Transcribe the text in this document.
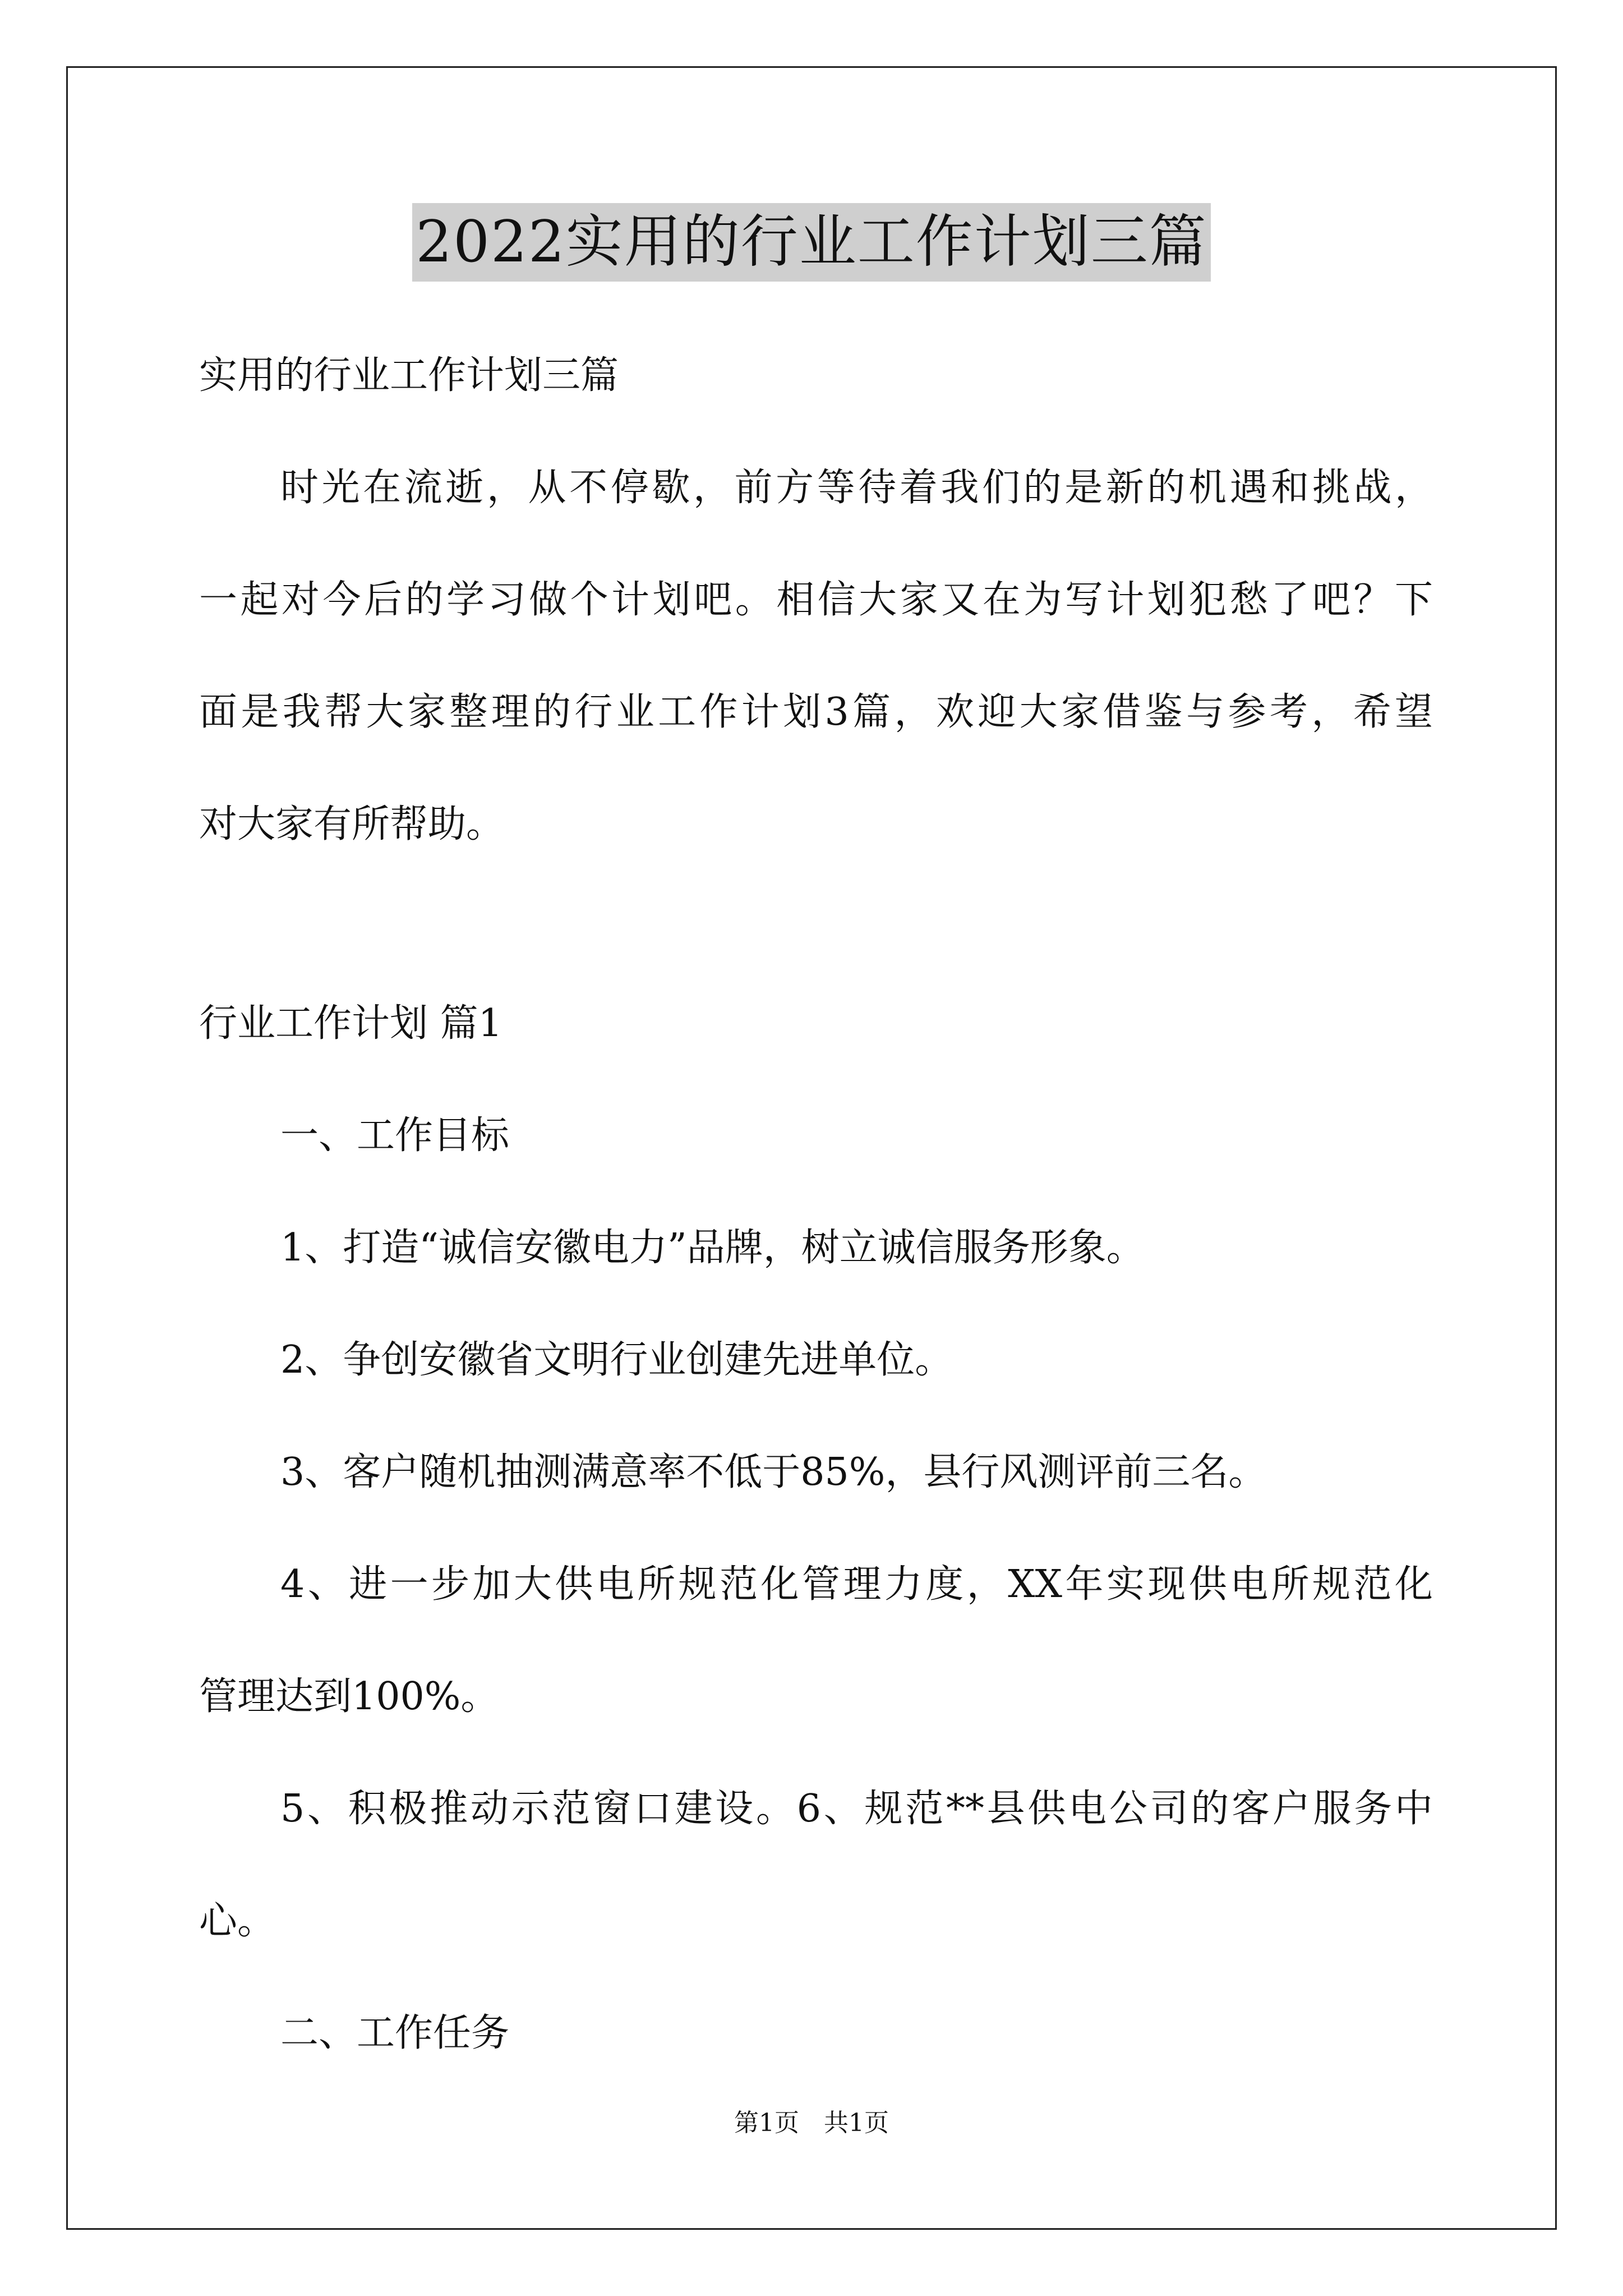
2022实用的行业工作计划三篇
实用的行业工作计划三篇
时光在流逝，从不停歇，前方等待着我们的是新的机遇和挑战，
一起对今后的学习做个计划吧。相信大家又在为写计划犯愁了吧？下
面是我帮大家整理的行业工作计划3篇，欢迎大家借鉴与参考，希望
对大家有所帮助。
行业工作计划 篇1
一、工作目标
1、打造“诚信安徽电力”品牌，树立诚信服务形象。
2、争创安徽省文明行业创建先进单位。
3、客户随机抽测满意率不低于85%，县行风测评前三名。
4、进一步加大供电所规范化管理力度，XX年实现供电所规范化
管理达到100%。
5、积极推动示范窗口建设。6、规范**县供电公司的客户服务中
心。
二、工作任务
第1页　共1页
